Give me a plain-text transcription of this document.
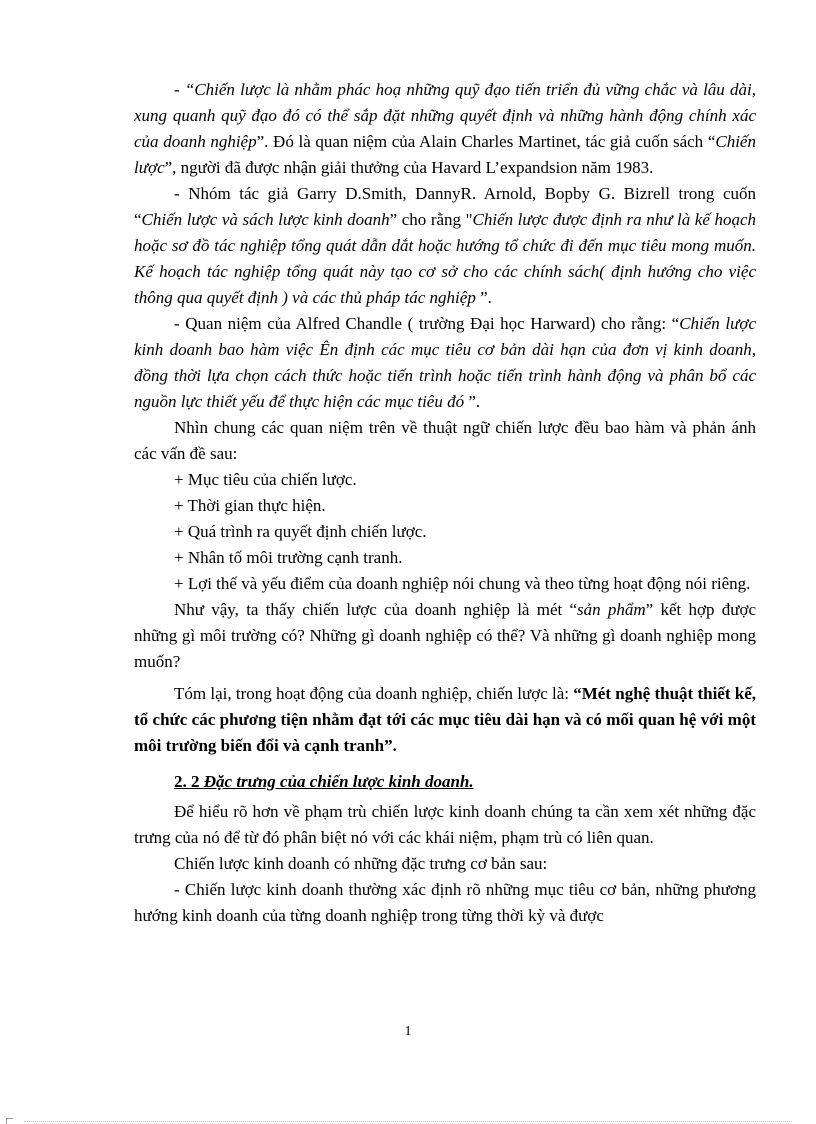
- “Chiến lược là nhằm phác hoạ những quỹ đạo tiến triển đủ vững chắc và lâu dài, xung quanh quỹ đạo đó có thể sắp đặt những quyết định và những hành động chính xác của doanh nghiệp”. Đó là quan niệm của Alain Charles Martinet, tác giả cuốn sách “Chiến lược”, người đã được nhận giải thưởng của Havard L’expandsion năm 1983.

- Nhóm tác giả Garry D.Smith, DannyR. Arnold, Bopby G. Bizrell trong cuốn “Chiến lược và sách lược kinh doanh” cho rằng "Chiến lược được định ra như là kế hoạch hoặc sơ đồ tác nghiệp tổng quát dẫn dắt hoặc hướng tổ chức đi đến mục tiêu mong muốn. Kế hoạch tác nghiệp tổng quát này tạo cơ sở cho các chính sách( định hướng cho việc thông qua quyết định ) và các thủ pháp tác nghiệp ”.

- Quan niệm của Alfred Chandle ( trường Đại học Harward) cho rằng: “Chiến lược kinh doanh bao hàm việc Ên định các mục tiêu cơ bản dài hạn của đơn vị kinh doanh, đồng thời lựa chọn cách thức hoặc tiến trình hoặc tiến trình hành động và phân bổ các nguồn lực thiết yếu để thực hiện các mục tiêu đó ”.

Nhìn chung các quan niệm trên về thuật ngữ chiến lược đều bao hàm và phản ánh các vấn đề sau:

+ Mục tiêu của chiến lược.

+ Thời gian thực hiện.

+ Quá trình ra quyết định chiến lược.

+ Nhân tố môi trường cạnh tranh.

+ Lợi thế và yếu điểm của doanh nghiệp nói chung và theo từng hoạt động nói riêng.

Như vậy, ta thấy chiến lược của doanh nghiệp là mét “sản phẩm” kết hợp được những gì môi trường có? Những gì doanh nghiệp có thể? Và những gì doanh nghiệp mong muốn?

Tóm lại, trong hoạt động của doanh nghiệp, chiến lược là: “Mét nghệ thuật thiết kế, tổ chức các phương tiện nhằm đạt tới các mục tiêu dài hạn và có mối quan hệ với một môi trường biến đổi và cạnh tranh”.

2. 2 Đặc trưng của chiến lược kinh doanh.

Để hiểu rõ hơn về phạm trù chiến lược kinh doanh chúng ta cần xem xét những đặc trưng của nó để từ đó phân biệt nó với các khái niệm, phạm trù có liên quan.

Chiến lược kinh doanh có những đặc trưng cơ bản sau:

- Chiến lược kinh doanh thường xác định rõ những mục tiêu cơ bản, những phương hướng kinh doanh của từng doanh nghiệp trong từng thời kỳ và được

1
